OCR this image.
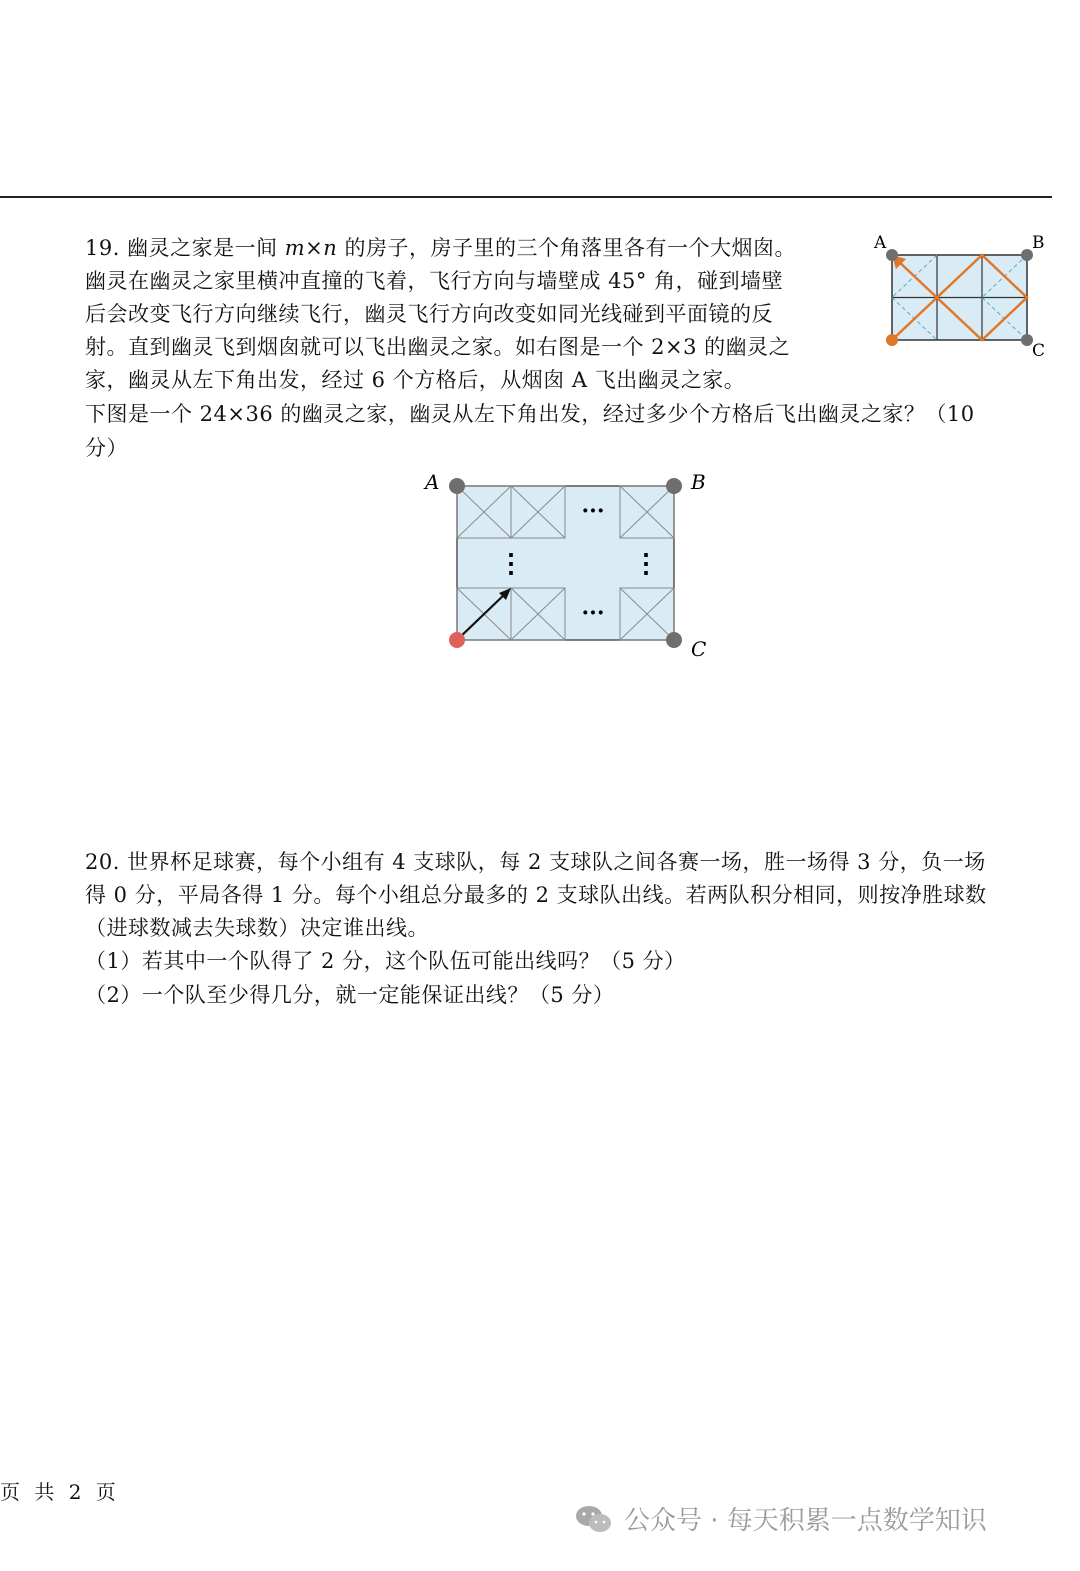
19. 幽灵之家是一间 m×n 的房子，房子里的三个角落里各有一个大烟囱。
幽灵在幽灵之家里横冲直撞的飞着，飞行方向与墙壁成 45° 角，碰到墙壁
后会改变飞行方向继续飞行，幽灵飞行方向改变如同光线碰到平面镜的反
射。直到幽灵飞到烟囱就可以飞出幽灵之家。如右图是一个 2×3 的幽灵之
家，幽灵从左下角出发，经过 6 个方格后，从烟囱 A 飞出幽灵之家。
下图是一个 24×36 的幽灵之家，幽灵从左下角出发，经过多少个方格后飞出幽灵之家？（10
分）
A	B
C
···
···
⋮	⋮
A	B
C
20. 世界杯足球赛，每个小组有 4 支球队，每 2 支球队之间各赛一场，胜一场得 3 分，负一场
得 0 分，平局各得 1 分。每个小组总分最多的 2 支球队出线。若两队积分相同，则按净胜球数
（进球数减去失球数）决定谁出线。
（1）若其中一个队得了 2 分，这个队伍可能出线吗？（5 分）
（2）一个队至少得几分，就一定能保证出线？（5 分）
页 共 2 页
公众号 · 每天积累一点数学知识
